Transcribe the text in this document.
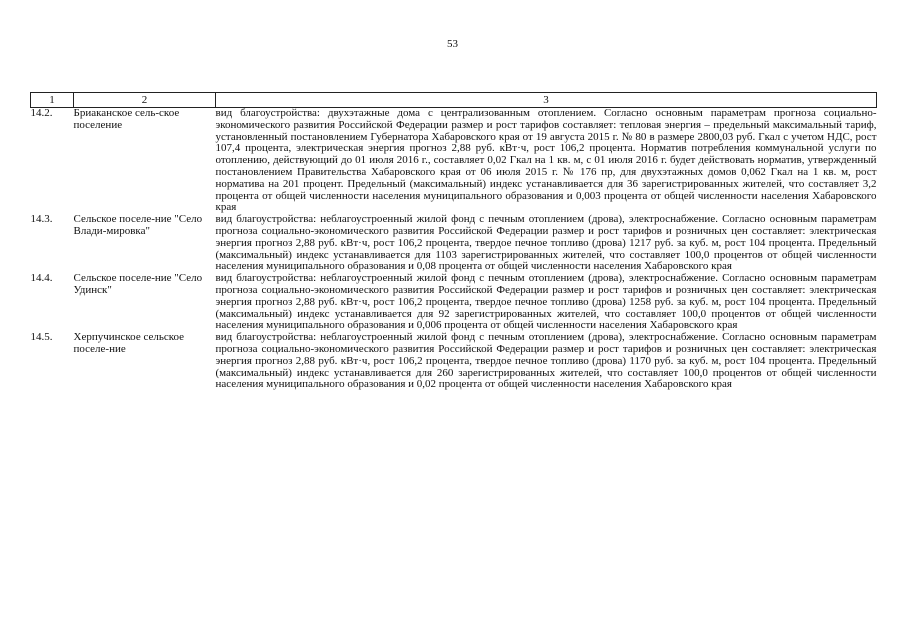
53
1	2	3
14.2.	Бриаканское сель-ское поселение	вид благоустройства: двухэтажные дома с централизованным отоплением. Согласно основным параметрам прогноза социально-экономического развития Российской Федерации размер и рост тарифов составляет: тепловая энергия – предельный максимальный тариф, установленный постановлением Губернатора Хабаровского края от 19 августа 2015 г. № 80 в размере 2800,03 руб. Гкал с учетом НДС, рост 107,4 процента, электрическая энергия прогноз 2,88 руб. кВт·ч, рост 106,2 процента. Норматив потребления коммунальной услуги по отоплению, действующий до 01 июля 2016 г., составляет 0,02 Гкал на 1 кв. м, с 01 июля 2016 г. будет действовать норматив, утвержденный постановлением Правительства Хабаровского края от 06 июля 2015 г. № 176 пр, для двухэтажных домов 0,062 Гкал на 1 кв. м, рост норматива на 201 процент. Предельный (максимальный) индекс устанавливается для 36 зарегистрированных жителей, что составляет 3,2 процента от общей численности населения муниципального образования и 0,003 процента от общей численности населения Хабаровского края
14.3.	Сельское поселе-ние "Село Влади-мировка"	вид благоустройства: неблагоустроенный жилой фонд с печным отоплением (дрова), электроснабжение. Согласно основным параметрам прогноза социально-экономического развития Российской Федерации размер и рост тарифов и розничных цен составляет: электрическая энергия прогноз 2,88 руб. кВт·ч, рост 106,2 процента, твердое печное топливо (дрова) 1217 руб. за куб. м, рост 104 процента. Предельный (максимальный) индекс устанавливается для 1103 зарегистрированных жителей, что составляет 100,0 процентов от общей численности населения муниципального образования и 0,08 процента от общей численности населения Хабаровского края
14.4.	Сельское поселе-ние "Село Удинск"	вид благоустройства: неблагоустроенный жилой фонд с печным отоплением (дрова), электроснабжение. Согласно основным параметрам прогноза социально-экономического развития Российской Федерации размер и рост тарифов и розничных цен составляет: электрическая энергия прогноз 2,88 руб. кВт·ч, рост 106,2 процента, твердое печное топливо (дрова) 1258 руб. за куб. м, рост 104 процента. Предельный (максимальный) индекс устанавливается для 92 зарегистрированных жителей, что составляет 100,0 процентов от общей численности населения муниципального образования и 0,006 процента от общей численности населения Хабаровского края
14.5.	Херпучинское сельское поселе-ние	вид благоустройства: неблагоустроенный жилой фонд с печным отоплением (дрова), электроснабжение. Согласно основным параметрам прогноза социально-экономического развития Российской Федерации размер и рост тарифов и розничных цен составляет: электрическая энергия прогноз 2,88 руб. кВт·ч, рост 106,2 процента, твердое печное топливо (дрова) 1170 руб. за куб. м, рост 104 процента. Предельный (максимальный) индекс устанавливается для 260 зарегистрированных жителей, что составляет 100,0 процентов от общей численности населения муниципального образования и 0,02 процента от общей численности населения Хабаровского края
